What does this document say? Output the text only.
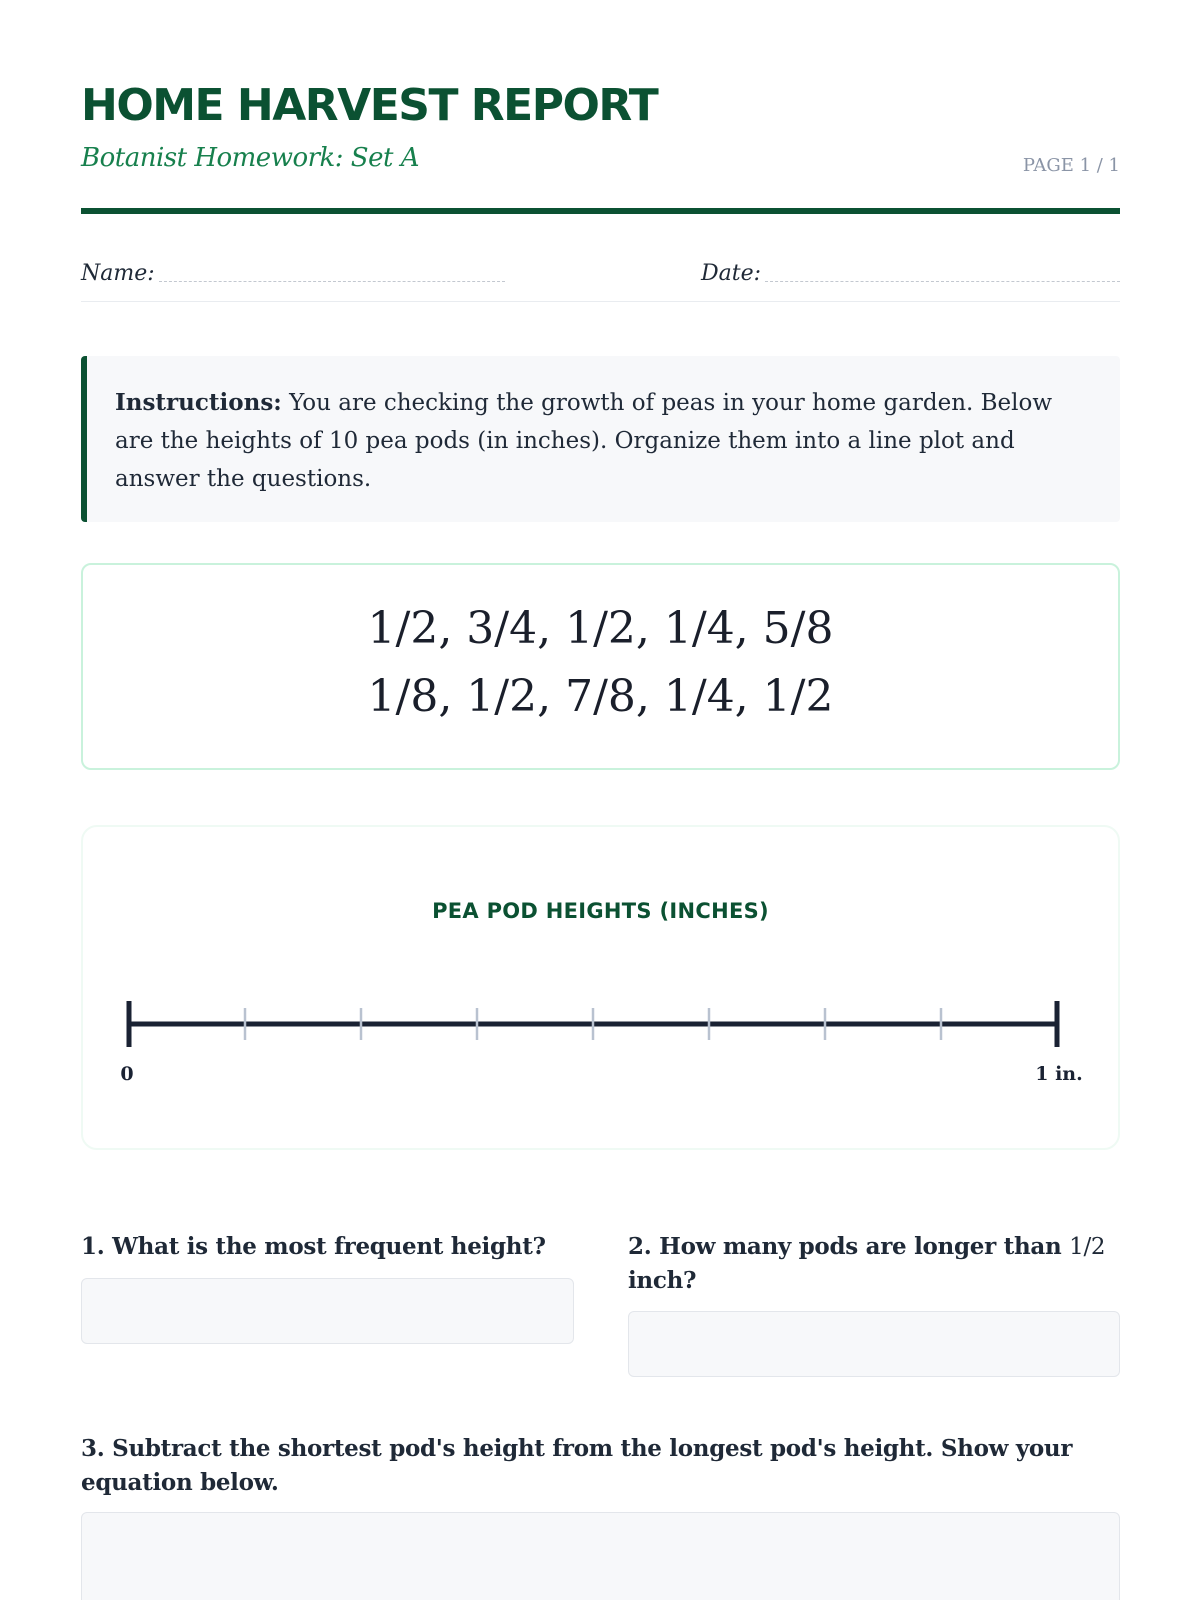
HOME HARVEST REPORT
Botanist Homework: Set A	PAGE 1 / 1
Name:	Date:
Instructions: You are checking the growth of peas in your home garden. Below are the heights of 10 pea pods (in inches). Organize them into a line plot and answer the questions.
1/2, 3/4, 1/2, 1/4, 5/8
1/8, 1/2, 7/8, 1/4, 1/2
PEA POD HEIGHTS (INCHES)
0	1 in.
1. What is the most frequent height?	2. How many pods are longer than 1/2 inch?
3. Subtract the shortest pod's height from the longest pod's height. Show your equation below.
